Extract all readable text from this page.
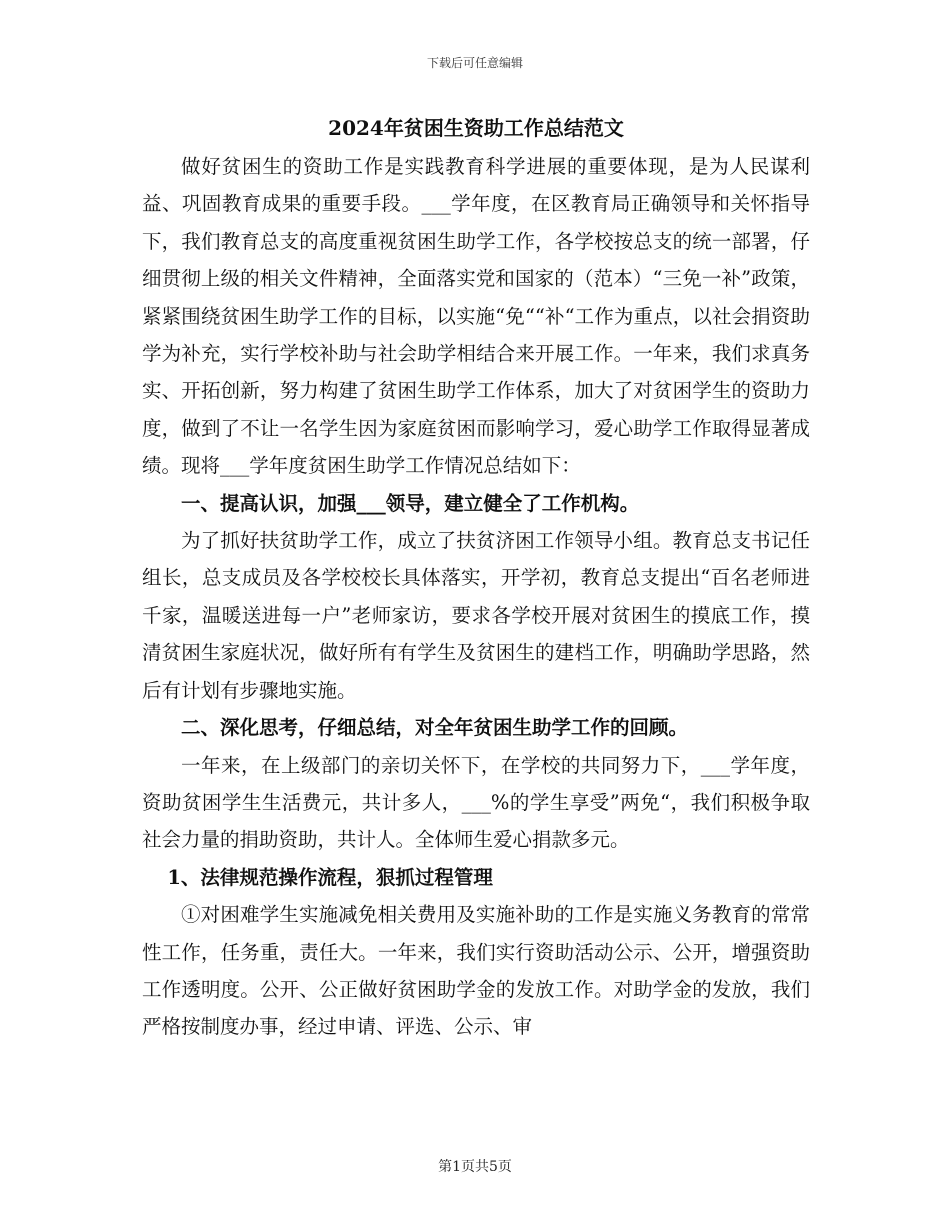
下载后可任意编辑
2024年贫困生资助工作总结范文

做好贫困生的资助工作是实践教育科学进展的重要体现，是为人民谋利益、巩固教育成果的重要手段。___学年度，在区教育局正确领导和关怀指导下，我们教育总支的高度重视贫困生助学工作，各学校按总支的统一部署，仔细贯彻上级的相关文件精神，全面落实党和国家的（范本）“三免一补”政策，紧紧围绕贫困生助学工作的目标，以实施“免““补“工作为重点，以社会捐资助学为补充，实行学校补助与社会助学相结合来开展工作。一年来，我们求真务实、开拓创新，努力构建了贫困生助学工作体系，加大了对贫困学生的资助力度，做到了不让一名学生因为家庭贫困而影响学习，爱心助学工作取得显著成绩。现将___学年度贫困生助学工作情况总结如下：

一、提高认识，加强___领导，建立健全了工作机构。

为了抓好扶贫助学工作，成立了扶贫济困工作领导小组。教育总支书记任组长，总支成员及各学校校长具体落实，开学初，教育总支提出“百名老师进千家，温暖送进每一户”老师家访，要求各学校开展对贫困生的摸底工作，摸清贫困生家庭状况，做好所有有学生及贫困生的建档工作，明确助学思路，然后有计划有步骤地实施。

二、深化思考，仔细总结，对全年贫困生助学工作的回顾。

一年来，在上级部门的亲切关怀下，在学校的共同努力下，___学年度，资助贫困学生生活费元，共计多人，___%的学生享受”两免“，我们积极争取社会力量的捐助资助，共计人。全体师生爱心捐款多元。

1、法律规范操作流程，狠抓过程管理

①对困难学生实施减免相关费用及实施补助的工作是实施义务教育的常常性工作，任务重，责任大。一年来，我们实行资助活动公示、公开，增强资助工作透明度。公开、公正做好贫困助学金的发放工作。对助学金的发放，我们严格按制度办事，经过申请、评选、公示、审

第1页共5页
